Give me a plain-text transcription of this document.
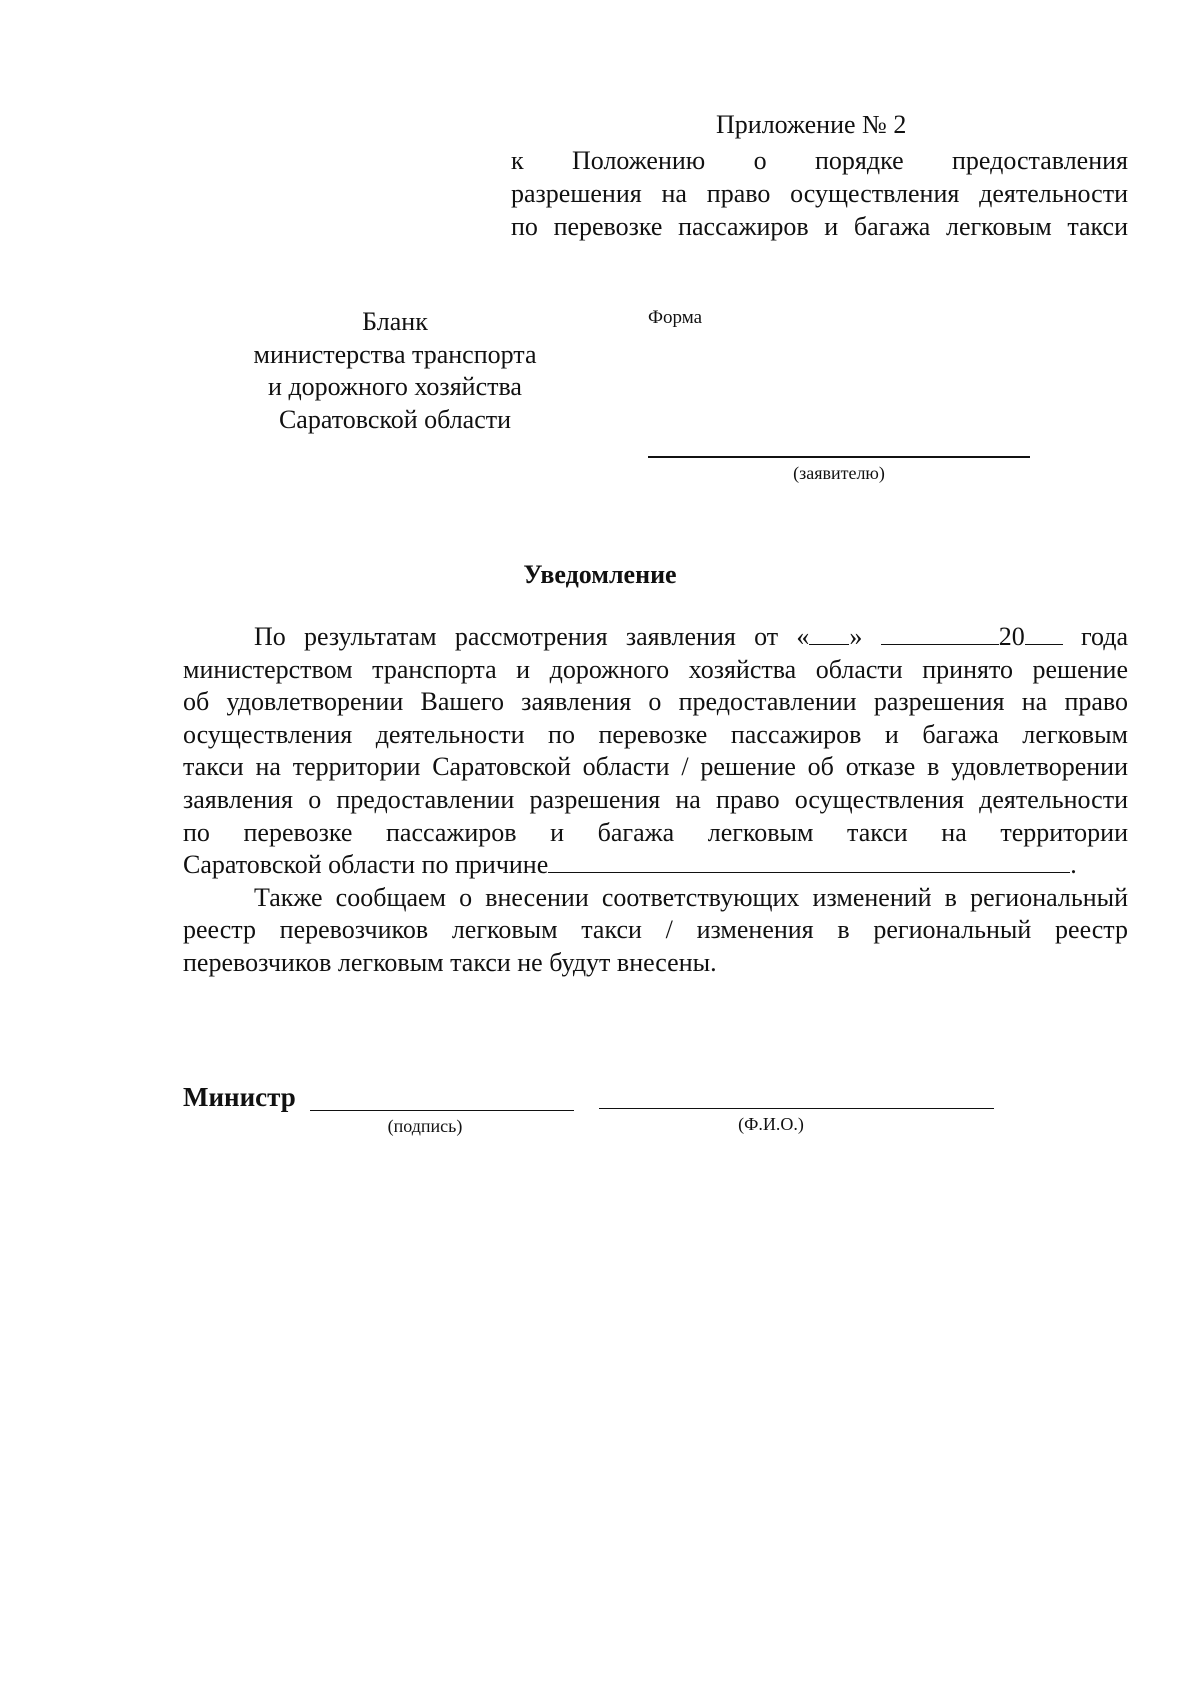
Приложение № 2
к Положению о порядке предоставления
разрешения на право осуществления деятельности
по перевозке пассажиров и багажа легковым такси
Бланк
министерства транспорта
и дорожного хозяйства
Саратовской области
Форма
(заявителю)
Уведомление
По результатам рассмотрения заявления от « »	20 года
министерством транспорта и дорожного хозяйства области принято решение
об удовлетворении Вашего заявления о предоставлении разрешения на право
осуществления деятельности по перевозке пассажиров и багажа легковым
такси на территории Саратовской области / решение об отказе в удовлетворении
заявления о предоставлении разрешения на право осуществления деятельности
по перевозке пассажиров и багажа легковым такси на территории
Саратовской области по причине	.
Также сообщаем о внесении соответствующих изменений в региональный
реестр перевозчиков легковым такси / изменения в региональный реестр
перевозчиков легковым такси не будут внесены.
Министр
(подпись)	(Ф.И.О.)
